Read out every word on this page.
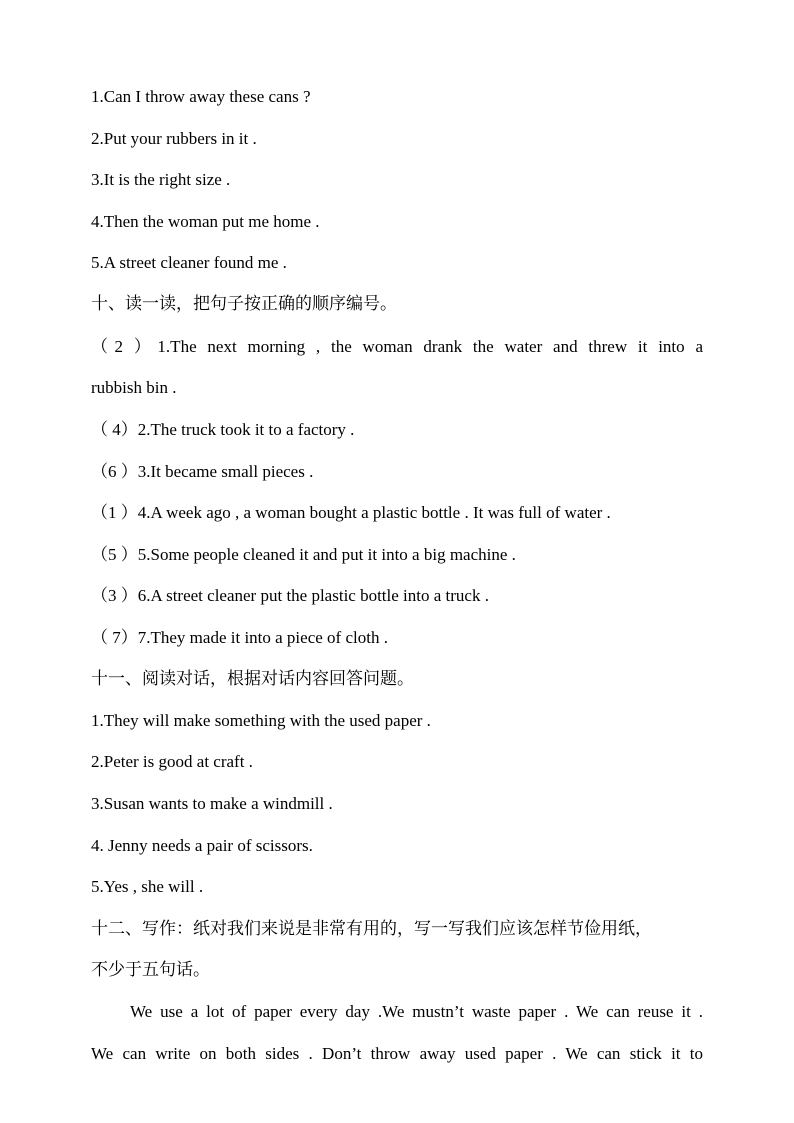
1.Can I throw away these cans ?
2.Put your rubbers in it .
3.It is the right size .
4.Then the woman put me home .
5.A street cleaner found me .
十、读一读，把句子按正确的顺序编号。
（2 ）1.The next morning , the woman drank the water and threw it into a
rubbish bin .
（ 4）2.The truck took it to a factory .
（6 ）3.It became small pieces .
（1 ）4.A week ago , a woman bought a plastic bottle . It was full of water .
（5 ）5.Some people cleaned it and put it into a big machine .
（3 ）6.A street cleaner put the plastic bottle into a truck .
（ 7）7.They made it into a piece of cloth .
十一、阅读对话，根据对话内容回答问题。
1.They will make something with the used paper .
2.Peter is good at craft .
3.Susan wants to make a windmill .
4. Jenny needs a pair of scissors.
5.Yes , she will .
十二、写作：纸对我们来说是非常有用的，写一写我们应该怎样节俭用纸，
不少于五句话。
We use a lot of paper every day .We mustn’t waste paper . We can reuse it .
We can write on both sides . Don’t throw away used paper . We can stick it to
